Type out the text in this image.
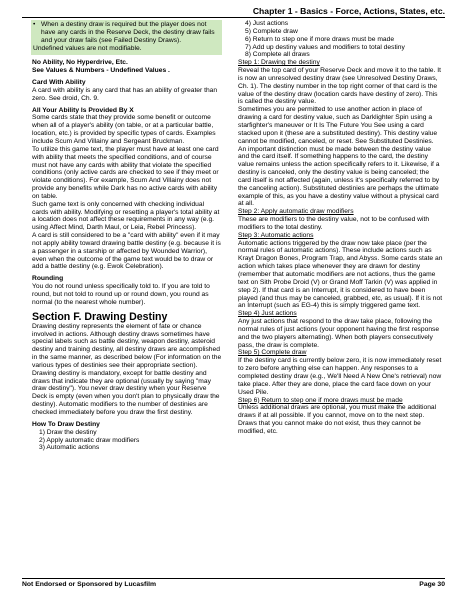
Chapter 1 - Basics - Force, Actions, States, etc.
• When a destiny draw is required but the player does not have any cards in the Reserve Deck, the destiny draw fails and your draw fails (see Failed Destiny Draws).

Undefined values are not modifiable.

No Ability, No Hyperdrive, Etc.

See Values & Numbers - Undefined Values .

Card With Ability

A card with ability is any card that has an ability of greater than zero. See droid, Ch. 9.

All Your Ability Is Provided By X

Some cards state that they provide some benefit or outcome when all of a player's ability (on table, or at a particular battle, location, etc.) is provided by specific types of cards. Examples include Scum And Villainy and Sergeant Bruckman.

To utilize this game text, the player must have at least one card with ability that meets the specified conditions, and of course must not have any cards with ability that violate the specified conditions (only active cards are checked to see if they meet or violate conditions). For example, Scum And Villainy does not provide any benefits while Dark has no active cards with ability on table.

Such game text is only concerned with checking individual cards with ability. Modifying or resetting a player's total ability at a location does not affect these requirements in any way (e.g. using Affect Mind, Darth Maul, or Leia, Rebel Princess).

A card is still considered to be a "card with ability" even if it may not apply ability toward drawing battle destiny (e.g. because it is a passenger in a starship or affected by Wounded Warrior), even when the outcome of the game text would be to draw or add a battle destiny (e.g. Ewok Celebration).

Rounding

You do not round unless specifically told to. If you are told to round, but not told to round up or round down, you round as normal (to the nearest whole number).

Section F. Drawing Destiny

Drawing destiny represents the element of fate or chance involved in actions. Although destiny draws sometimes have special labels such as battle destiny, weapon destiny, asteroid destiny and training destiny, all destiny draws are accomplished in the same manner, as described below (For information on the various types of destinies see their appropriate section). Drawing destiny is mandatory, except for battle destiny and draws that indicate they are optional (usually by saying "may draw destiny"). You never draw destiny when your Reserve Deck is empty (even when you don't plan to physically draw the destiny). Automatic modifiers to the number of destinies are checked immediately before you draw the first destiny.

How To Draw Destiny

1) Draw the destiny

2) Apply automatic draw modifiers

3) Automatic actions

4) Just actions

5) Complete draw

6) Return to step one if more draws must be made

7) Add up destiny values and modifiers to total destiny

8) Complete all draws

Step 1: Drawing the destiny

Reveal the top card of your Reserve Deck and move it to the table. It is now an unresolved destiny draw (see Unresolved Destiny Draws, Ch. 1). The destiny number in the top right corner of that card is the value of the destiny draw (location cards have destiny of zero). This is called the destiny value.

Sometimes you are permitted to use another action in place of drawing a card for destiny value, such as Darklighter Spin using a starfighter's maneuver or It Is The Future You See using a card stacked upon it (these are a substituted destiny). This destiny value cannot be modified, canceled, or reset. See Substituted Destinies. An important distinction must be made between the destiny value and the card itself. If something happens to the card, the destiny value remains unless the action specifically refers to it. Likewise, if a destiny is canceled, only the destiny value is being canceled; the card itself is not affected (again, unless it's specifically referred to by the canceling action). Substituted destinies are perhaps the ultimate example of this, as you have a destiny value without a physical card at all.

Step 2: Apply automatic draw modifiers

These are modifiers to the destiny value, not to be confused with modifiers to the total destiny.

Step 3: Automatic actions

Automatic actions triggered by the draw now take place (per the normal rules of automatic actions). These include actions such as Krayt Dragon Bones, Program Trap, and Abyss. Some cards state an action which takes place whenever they are drawn for destiny (remember that automatic modifiers are not actions, thus the game text on Sith Probe Droid (V) or Grand Moff Tarkin (V) was applied in step 2). If that card is an Interrupt, it is considered to have been played (and thus may be canceled, grabbed, etc, as usual). If it is not an Interrupt (such as EG-4) this is simply triggered game text.

Step 4) Just actions

Any just actions that respond to the draw take place, following the normal rules of just actions (your opponent having the first response and the two players alternating). When both players consecutively pass, the draw is complete.

Step 5) Complete draw

If the destiny card is currently below zero, it is now immediately reset to zero before anything else can happen. Any responses to a completed destiny draw (e.g., We'll Need A New One's retrieval) now take place. After they are done, place the card face down on your Used Pile.

Step 6) Return to step one if more draws must be made

Unless additional draws are optional, you must make the additional draws if at all possible. If you cannot, move on to the next step. Draws that you cannot make do not exist, thus they cannot be modified, etc.

Not Endorsed or Sponsored by Lucasfilm	Page 30
